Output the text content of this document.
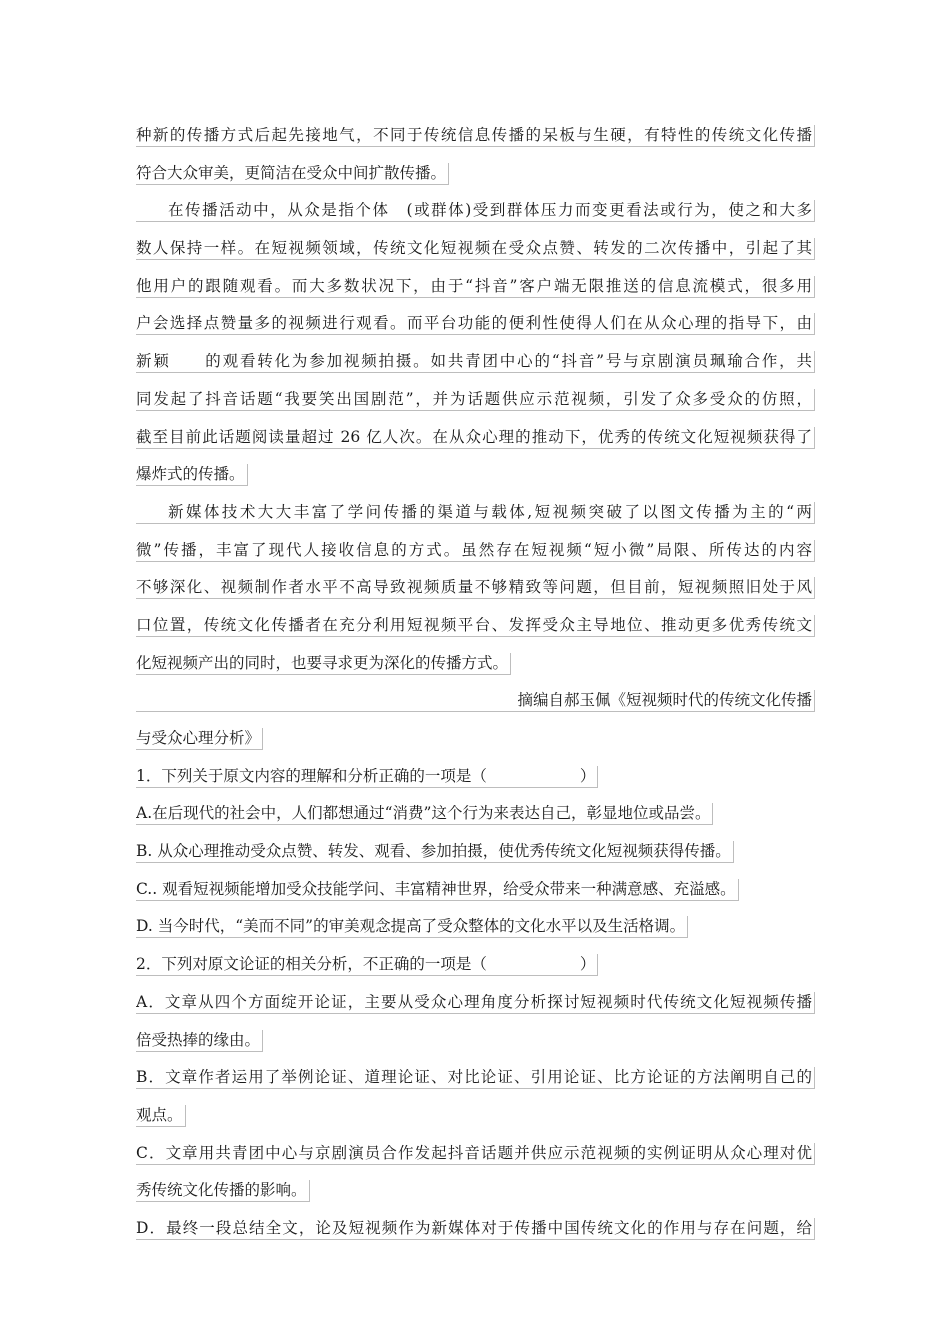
种新的传播方式后起先接地气，不同于传统信息传播的呆板与生硬，有特性的传统文化传播
符合大众审美，更简洁在受众中间扩散传播。
在传播活动中，从众是指个体　(或群体)受到群体压力而变更看法或行为，使之和大多
数人保持一样。在短视频领域，传统文化短视频在受众点赞、转发的二次传播中，引起了其
他用户的跟随观看。而大多数状况下，由于“抖音”客户端无限推送的信息流模式，很多用
户会选择点赞量多的视频进行观看。而平台功能的便利性使得人们在从众心理的指导下，由
新颖　　的观看转化为参加视频拍摄。如共青团中心的“抖音”号与京剧演员珮瑜合作，共
同发起了抖音话题“我要笑出国剧范”，并为话题供应示范视频，引发了众多受众的仿照，
截至目前此话题阅读量超过 26 亿人次。在从众心理的推动下，优秀的传统文化短视频获得了
爆炸式的传播。
新媒体技术大大丰富了学问传播的渠道与载体,短视频突破了以图文传播为主的“两
微”传播，丰富了现代人接收信息的方式。虽然存在短视频“短小微”局限、所传达的内容
不够深化、视频制作者水平不高导致视频质量不够精致等问题，但目前，短视频照旧处于风
口位置，传统文化传播者在充分利用短视频平台、发挥受众主导地位、推动更多优秀传统文
化短视频产出的同时，也要寻求更为深化的传播方式。
摘编自郝玉佩《短视频时代的传统文化传播
与受众心理分析》
1．下列关于原文内容的理解和分析正确的一项是（　　　　　　）
A.在后现代的社会中，人们都想通过“消费”这个行为来表达自己，彰显地位或品尝。
B. 从众心理推动受众点赞、转发、观看、参加拍摄，使优秀传统文化短视频获得传播。
C.. 观看短视频能增加受众技能学问、丰富精神世界，给受众带来一种满意感、充溢感。
D. 当今时代，“美而不同”的审美观念提高了受众整体的文化水平以及生活格调。
2．下列对原文论证的相关分析，不正确的一项是（　　　　　　）
A．文章从四个方面绽开论证，主要从受众心理角度分析探讨短视频时代传统文化短视频传播
倍受热捧的缘由。
B．文章作者运用了举例论证、道理论证、对比论证、引用论证、比方论证的方法阐明自己的
观点。
C．文章用共青团中心与京剧演员合作发起抖音话题并供应示范视频的实例证明从众心理对优
秀传统文化传播的影响。
D．最终一段总结全文，论及短视频作为新媒体对于传播中国传统文化的作用与存在问题，给
